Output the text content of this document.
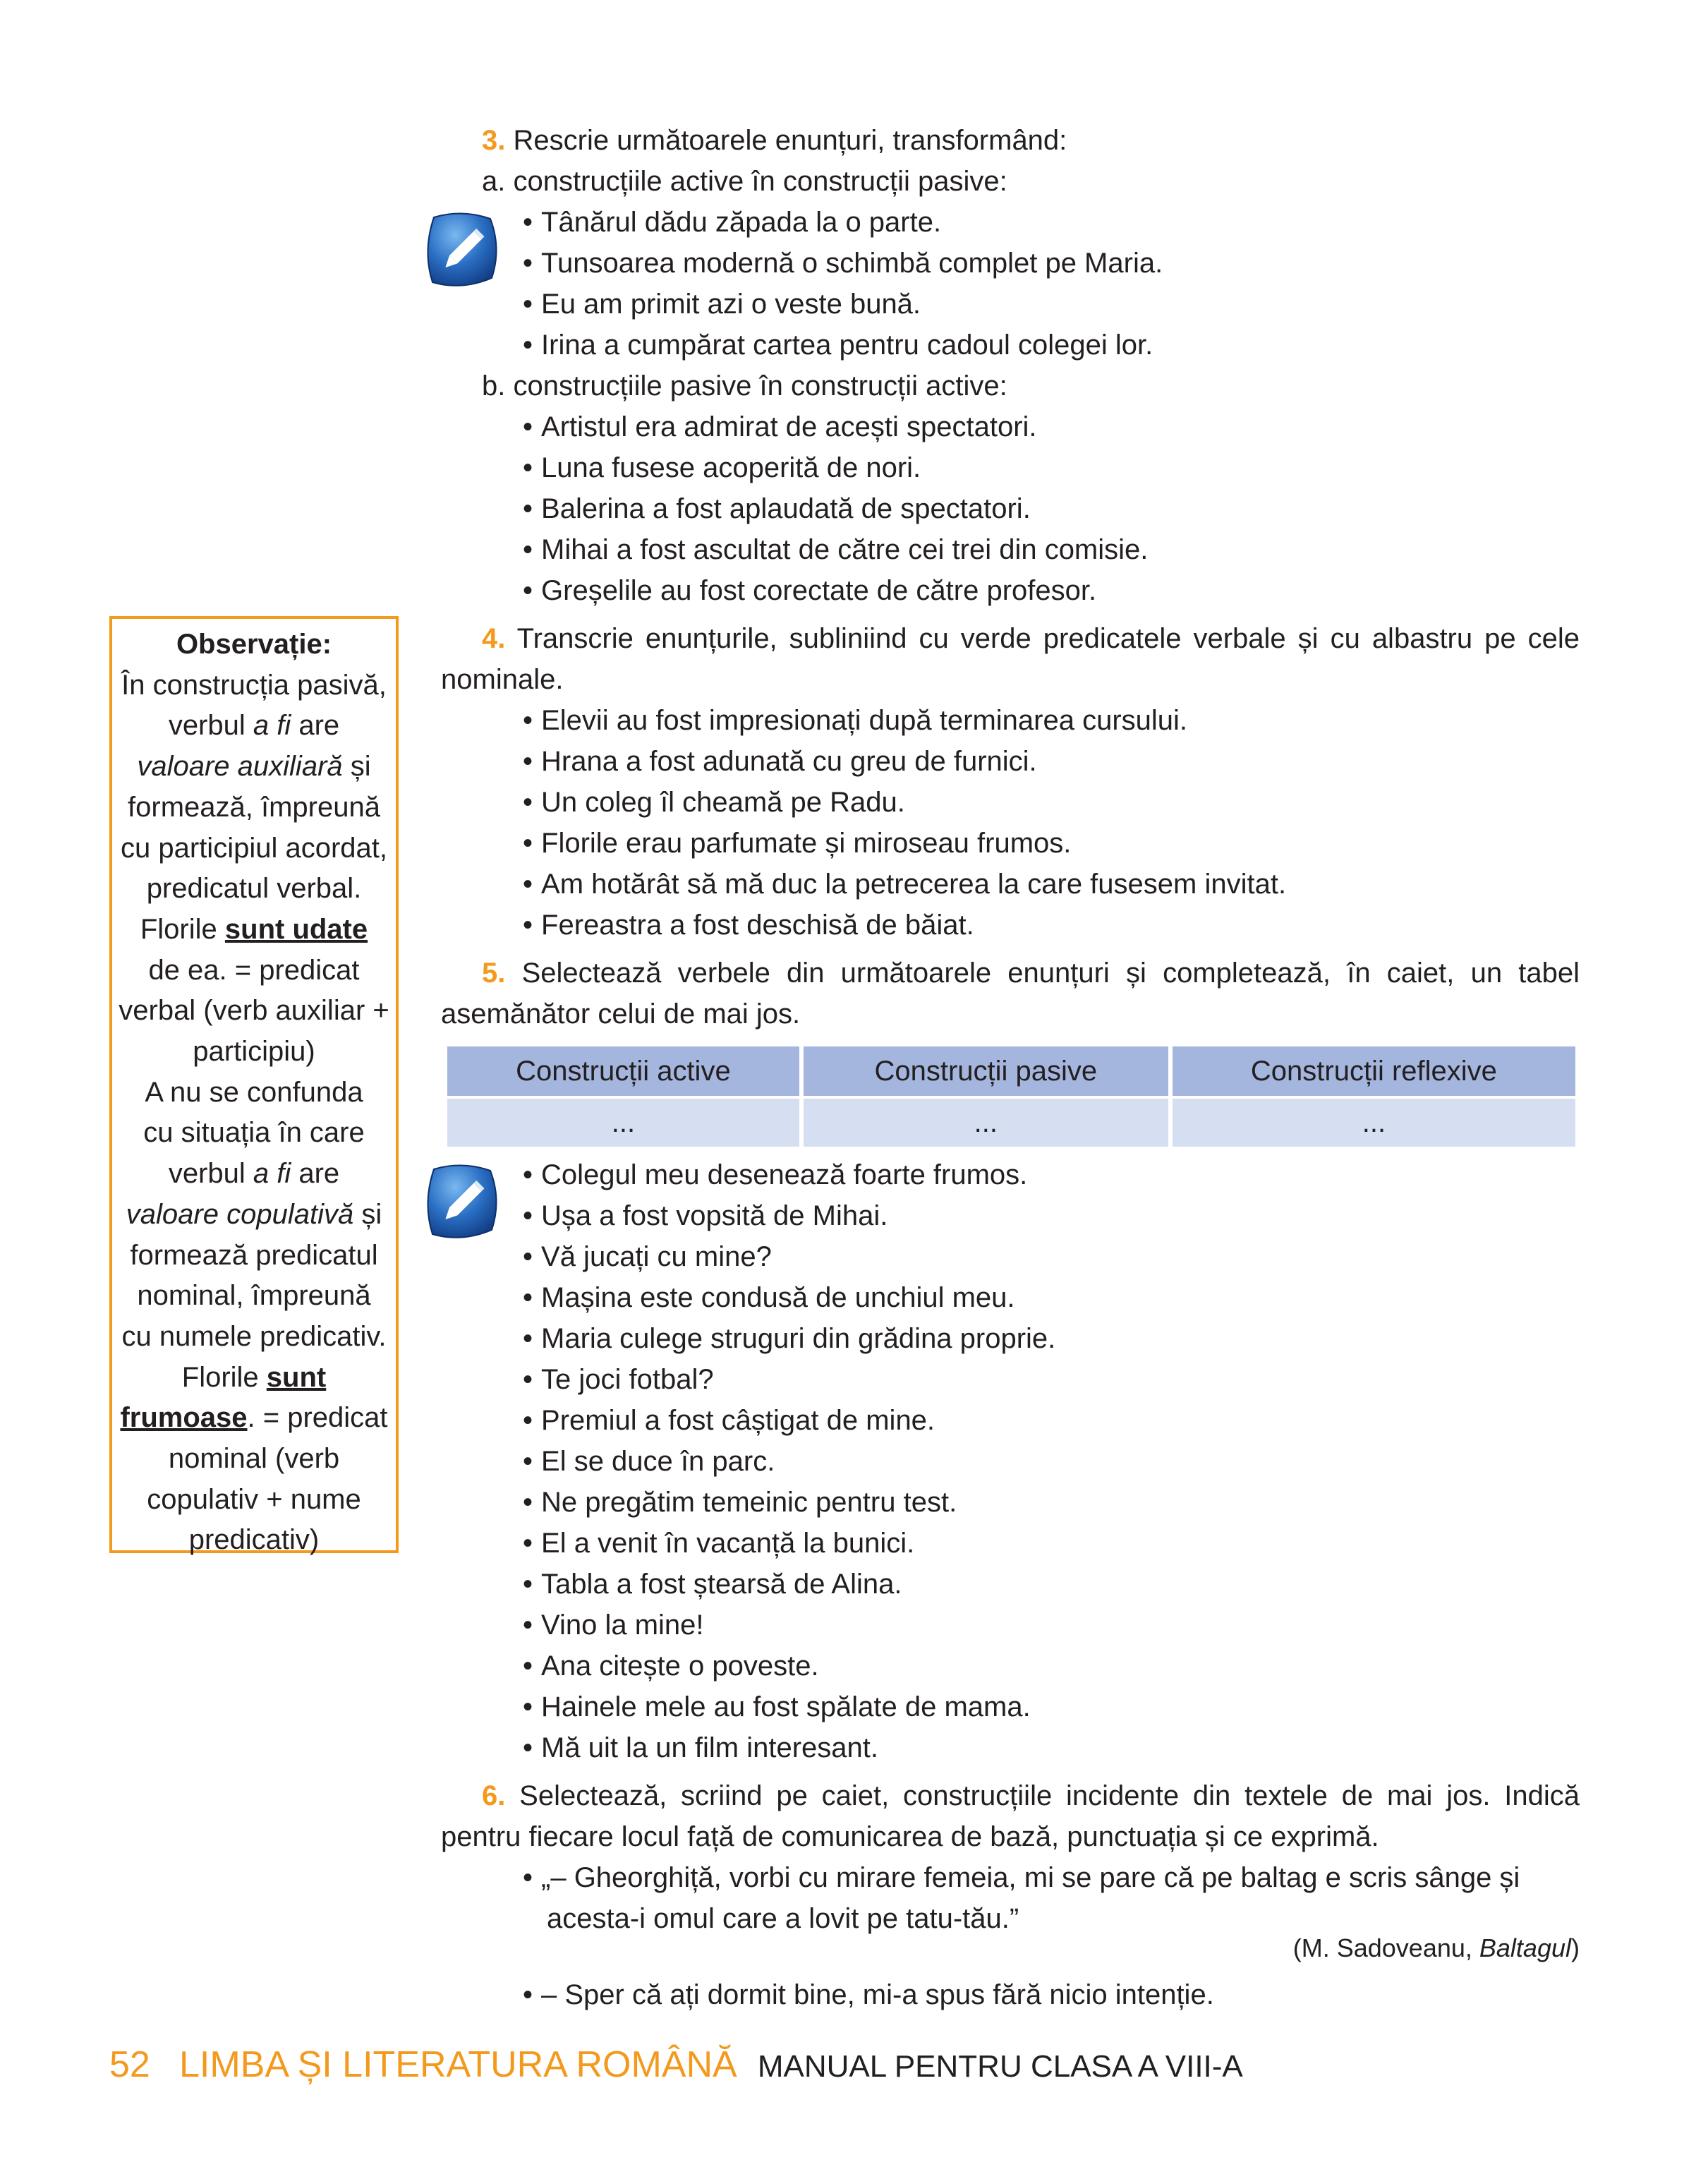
3. Rescrie următoarele enunțuri, transformând:
a. construcțiile active în construcții pasive:
• Tânărul dădu zăpada la o parte.
• Tunsoarea modernă o schimbă complet pe Maria.
• Eu am primit azi o veste bună.
• Irina a cumpărat cartea pentru cadoul colegei lor.
b. construcțiile pasive în construcții active:
• Artistul era admirat de acești spectatori.
• Luna fusese acoperită de nori.
• Balerina a fost aplaudată de spectatori.
• Mihai a fost ascultat de către cei trei din comisie.
• Greșelile au fost corectate de către profesor.
4. Transcrie enunțurile, subliniind cu verde predicatele verbale și cu albastru pe cele nominale.
• Elevii au fost impresionați după terminarea cursului.
• Hrana a fost adunată cu greu de furnici.
• Un coleg îl cheamă pe Radu.
• Florile erau parfumate și miroseau frumos.
• Am hotărât să mă duc la petrecerea la care fusesem invitat.
• Fereastra a fost deschisă de băiat.
5. Selectează verbele din următoarele enunțuri și completează, în caiet, un tabel asemănător celui de mai jos.
Construcții active	Construcții pasive	Construcții reflexive
...	...	...
• Colegul meu desenează foarte frumos.
• Ușa a fost vopsită de Mihai.
• Vă jucați cu mine?
• Mașina este condusă de unchiul meu.
• Maria culege struguri din grădina proprie.
• Te joci fotbal?
• Premiul a fost câștigat de mine.
• El se duce în parc.
• Ne pregătim temeinic pentru test.
• El a venit în vacanță la bunici.
• Tabla a fost ștearsă de Alina.
• Vino la mine!
• Ana citește o poveste.
• Hainele mele au fost spălate de mama.
• Mă uit la un film interesant.
6. Selectează, scriind pe caiet, construcțiile incidente din textele de mai jos. Indică pentru fiecare locul față de comunicarea de bază, punctuația și ce exprimă.
• „– Gheorghiță, vorbi cu mirare femeia, mi se pare că pe baltag e scris sânge și
acesta-i omul care a lovit pe tatu-tău.”
(M. Sadoveanu, Baltagul)
• – Sper că ați dormit bine, mi-a spus fără nicio intenție.
Observație:
În construcția pasivă,
verbul a fi are
valoare auxiliară și
formează, împreună
cu participiul acordat,
predicatul verbal.
Florile sunt udate
de ea. = predicat
verbal (verb auxiliar +
participiu)
A nu se confunda
cu situația în care
verbul a fi are
valoare copulativă și
formează predicatul
nominal, împreună
cu numele predicativ.
Florile sunt
frumoase. = predicat
nominal (verb
copulativ + nume
predicativ)
52 LIMBA ȘI LITERATURA ROMÂNĂ MANUAL PENTRU CLASA A VIII-A
